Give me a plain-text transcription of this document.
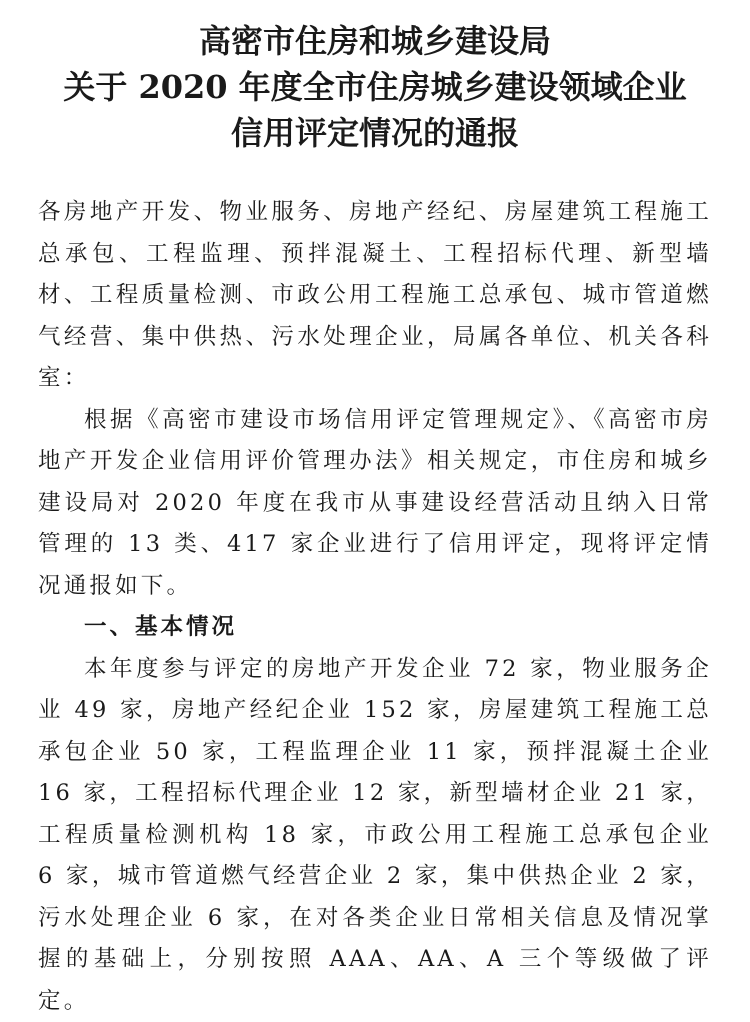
高密市住房和城乡建设局
关于 2020 年度全市住房城乡建设领域企业
信用评定情况的通报

各房地产开发、物业服务、房地产经纪、房屋建筑工程施工总承包、工程监理、预拌混凝土、工程招标代理、新型墙材、工程质量检测、市政公用工程施工总承包、城市管道燃气经营、集中供热、污水处理企业，局属各单位、机关各科室：

根据《高密市建设市场信用评定管理规定》、《高密市房地产开发企业信用评价管理办法》相关规定，市住房和城乡建设局对 2020 年度在我市从事建设经营活动且纳入日常管理的 13 类、417 家企业进行了信用评定，现将评定情况通报如下。

一、基本情况

本年度参与评定的房地产开发企业 72 家，物业服务企业 49 家，房地产经纪企业 152 家，房屋建筑工程施工总承包企业 50 家，工程监理企业 11 家，预拌混凝土企业 16 家，工程招标代理企业 12 家，新型墙材企业 21 家，工程质量检测机构 18 家，市政公用工程施工总承包企业 6 家，城市管道燃气经营企业 2 家，集中供热企业 2 家，污水处理企业 6 家，在对各类企业日常相关信息及情况掌握的基础上，分别按照 AAA、AA、A 三个等级做了评定。
